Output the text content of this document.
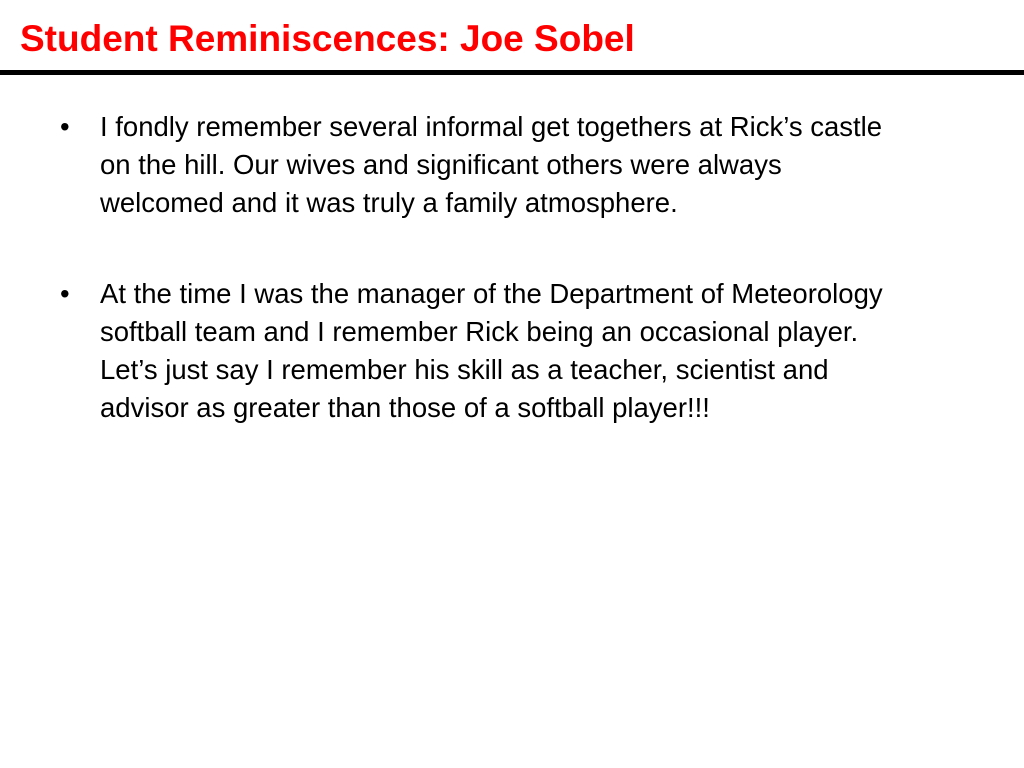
Student Reminiscences: Joe Sobel
•	I fondly remember several informal get togethers at Rick’s castle on the hill. Our wives and significant others were always welcomed and it was truly a family atmosphere.
•	At the time I was the manager of the Department of Meteorology softball team and I remember Rick being an occasional player. Let’s just say I remember his skill as a teacher, scientist and advisor as greater than those of a softball player!!!
